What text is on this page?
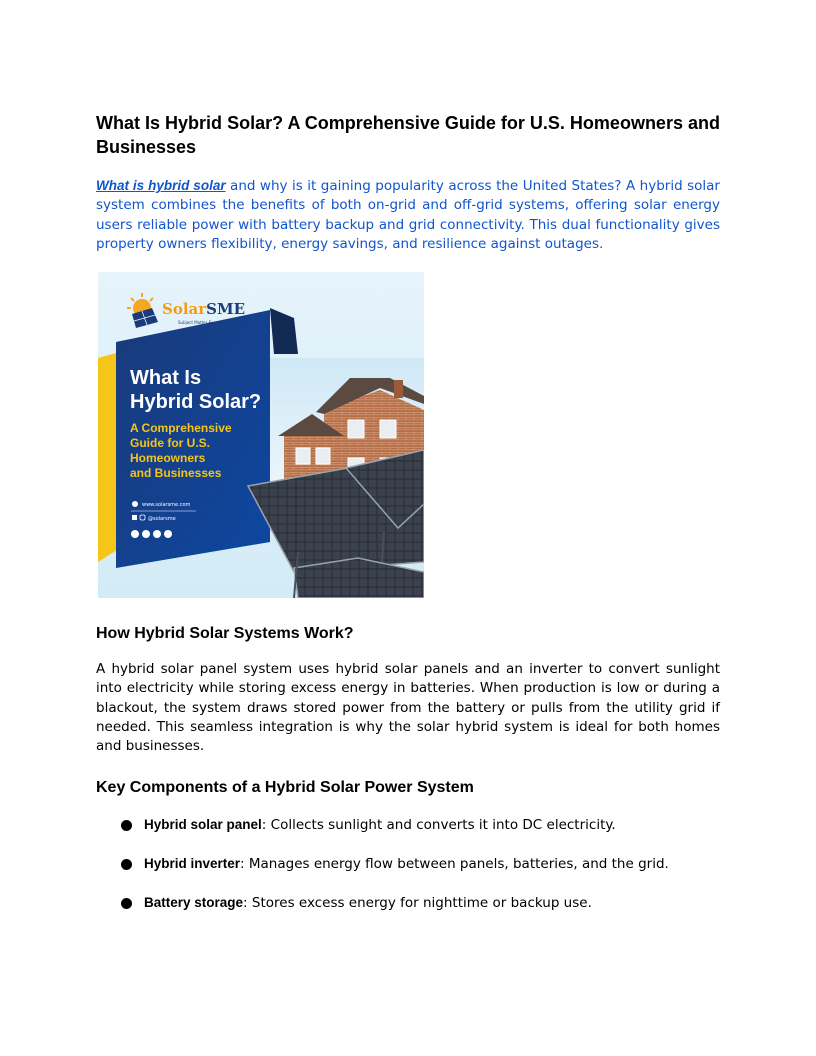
What Is Hybrid Solar? A Comprehensive Guide for U.S. Homeowners and Businesses

What is hybrid solar and why is it gaining popularity across the United States? A hybrid solar system combines the benefits of both on-grid and off-grid systems, offering solar energy users reliable power with battery backup and grid connectivity. This dual functionality gives property owners flexibility, energy savings, and resilience against outages.

SolarSME
Subject Matter Expert
What Is
Hybrid Solar?
A Comprehensive
Guide for U.S.
Homeowners
and Businesses
www.solarsme.com
@solarsme
How Hybrid Solar Systems Work?

A hybrid solar panel system uses hybrid solar panels and an inverter to convert sunlight into electricity while storing excess energy in batteries. When production is low or during a blackout, the system draws stored power from the battery or pulls from the utility grid if needed. This seamless integration is why the solar hybrid system is ideal for both homes and businesses.

Key Components of a Hybrid Solar Power System
Hybrid solar panel: Collects sunlight and converts it into DC electricity.
Hybrid inverter: Manages energy flow between panels, batteries, and the grid.
Battery storage: Stores excess energy for nighttime or backup use.
